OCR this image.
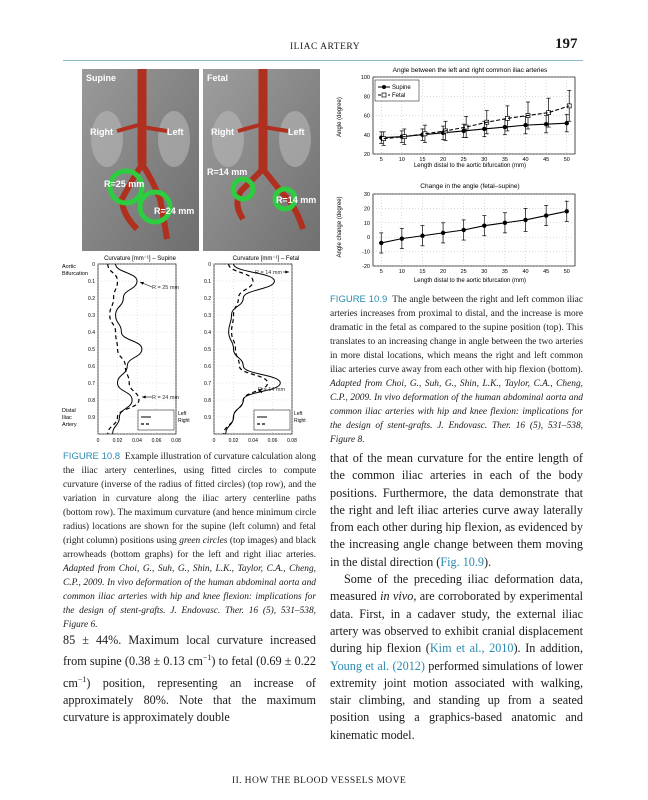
ILIAC ARTERY	197
Supine
Right	Left
R=25 mm
R=24 mm
Fetal
Right	Left
R=14 mm
R=14 mm
0
0.1
0.2
0.3
0.4
0.5
0.6
0.7
0.8
0.9
0	0.02 0.04 0.06 0.08
0
0.1
0.2
0.3
0.4
0.5
0.6
0.7
0.8
0.9
0	0.02 0.04 0.06 0.08
Curvature [mm⁻¹] – Supine	Curvature [mm⁻¹] – Fetal
Aortic
Bifurcation
Distal
Iliac
Artery
R = 25 mm
R = 24 mm
R = 14 mm
R = 14 mm
Left
Right
Left
Right
Angle between the left and right common iliac arteries
Angle (degree)
Length distal to the aortic bifurcation (mm)
Change in the angle (fetal–supine)
Angle change (degree)
Length distal to the aortic bifurcation (mm)
5	10	15	20	25	30	35	40	45	50
20
40
60
80
100
5	10	15	20	25	30	35	40	45	50
-20
-10
0
10
20
30
Supine
Fetal
FIGURE 10.9 The angle between the right and left common iliac arteries increases from proximal to distal, and the increase is more dramatic in the fetal as compared to the supine position (top). This translates to an increasing change in angle between the two arteries in more distal locations, which means the right and left common iliac arteries curve away from each other with hip flexion (bottom). Adapted from Choi, G., Suh, G., Shin, L.K., Taylor, C.A., Cheng, C.P., 2009. In vivo deformation of the human abdominal aorta and common iliac arteries with hip and knee flexion: implications for the design of stent-grafts. J. Endovasc. Ther. 16 (5), 531–538, Figure 8.
FIGURE 10.8 Example illustration of curvature calculation along the iliac artery centerlines, using fitted circles to compute curvature (inverse of the radius of fitted circles) (top row), and the variation in curvature along the iliac artery centerline paths (bottom row). The maximum curvature (and hence minimum circle radius) locations are shown for the supine (left column) and fetal (right column) positions using green circles (top images) and black arrowheads (bottom graphs) for the left and right iliac arteries. Adapted from Choi, G., Suh, G., Shin, L.K., Taylor, C.A., Cheng, C.P., 2009. In vivo deformation of the human abdominal aorta and common iliac arteries with hip and knee flexion: implications for the design of stent-grafts. J. Endovasc. Ther. 16 (5), 531–538, Figure 6.
85 ± 44%. Maximum local curvature increased from supine (0.38 ± 0.13 $cm^{-1}$) to fetal (0.69 ± 0.22 $cm^{-1}$) position, representing an increase of approximately 80%. Note that the maximum curvature is approximately double
that of the mean curvature for the entire length of the common iliac arteries in each of the body positions. Furthermore, the data demonstrate that the right and left iliac arteries curve away laterally from each other during hip flexion, as evidenced by the increasing angle change between them moving in the distal direction (Fig. 10.9).
Some of the preceding iliac deformation data, measured in vivo, are corroborated by experimental data. First, in a cadaver study, the external iliac artery was observed to exhibit cranial displacement during hip flexion (Kim et al., 2010). In addition, Young et al. (2012) performed simulations of lower extremity joint motion associated with walking, stair climbing, and standing up from a seated position using a graphics-based anatomic and kinematic model.
II. HOW THE BLOOD VESSELS MOVE
